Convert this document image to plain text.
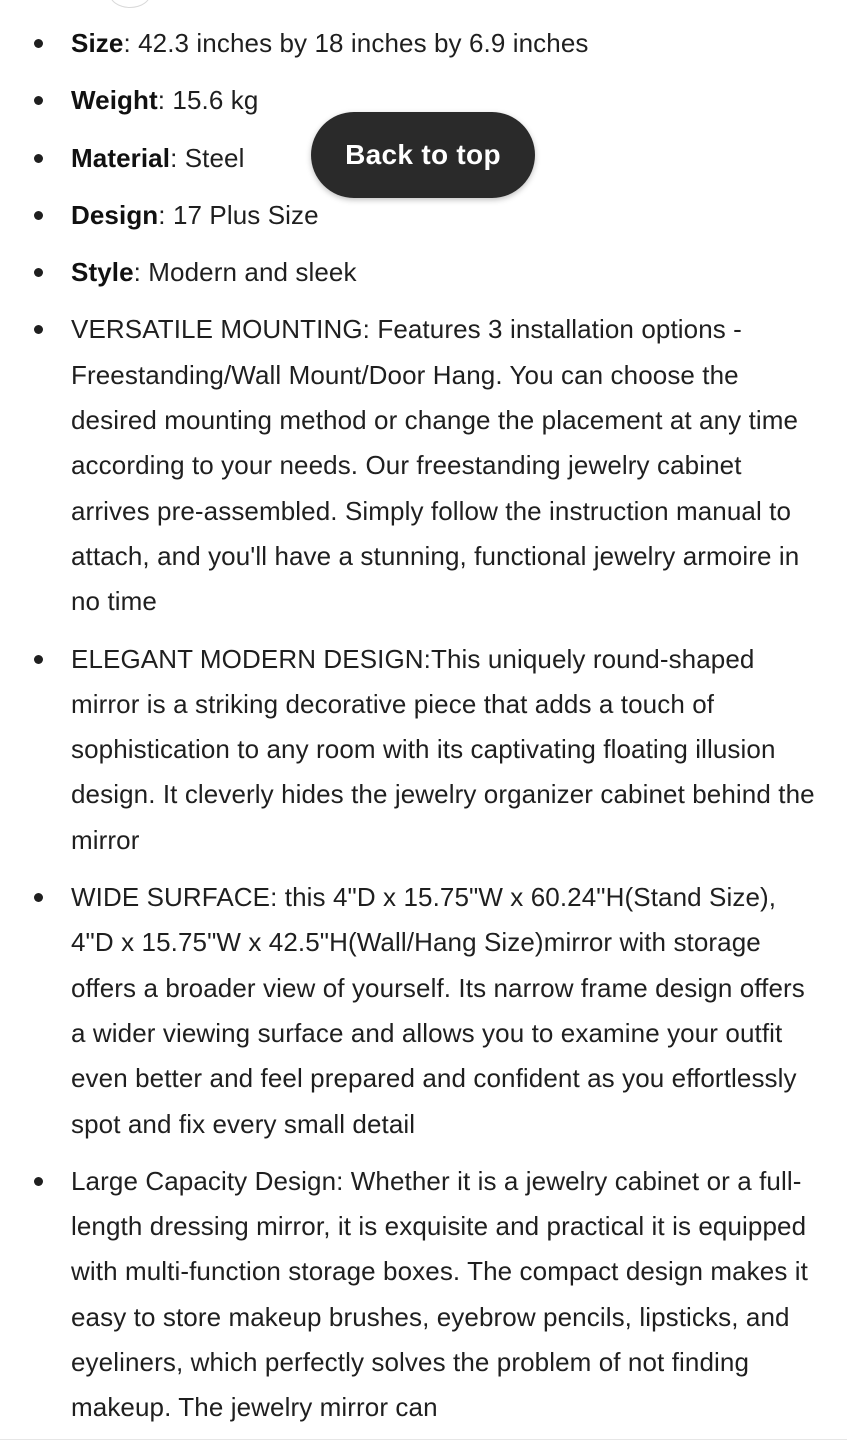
Size: 42.3 inches by 18 inches by 6.9 inches
Weight: 15.6 kg
Material: Steel
Design: 17 Plus Size
Style: Modern and sleek
VERSATILE MOUNTING: Features 3 installation options - Freestanding/Wall Mount/Door Hang. You can choose the desired mounting method or change the placement at any time according to your needs. Our freestanding jewelry cabinet arrives pre-assembled. Simply follow the instruction manual to attach, and you'll have a stunning, functional jewelry armoire in no time
ELEGANT MODERN DESIGN:This uniquely round-shaped mirror is a striking decorative piece that adds a touch of sophistication to any room with its captivating floating illusion design. It cleverly hides the jewelry organizer cabinet behind the mirror
WIDE SURFACE: this 4"D x 15.75"W x 60.24"H(Stand Size), 4"D x 15.75"W x 42.5"H(Wall/Hang Size)mirror with storage offers a broader view of yourself. Its narrow frame design offers a wider viewing surface and allows you to examine your outfit even better and feel prepared and confident as you effortlessly spot and fix every small detail
Large Capacity Design: Whether it is a jewelry cabinet or a full-length dressing mirror, it is exquisite and practical it is equipped with multi-function storage boxes. The compact design makes it easy to store makeup brushes, eyebrow pencils, lipsticks, and eyeliners, which perfectly solves the problem of not finding makeup. The jewelry mirror can
Back to top
